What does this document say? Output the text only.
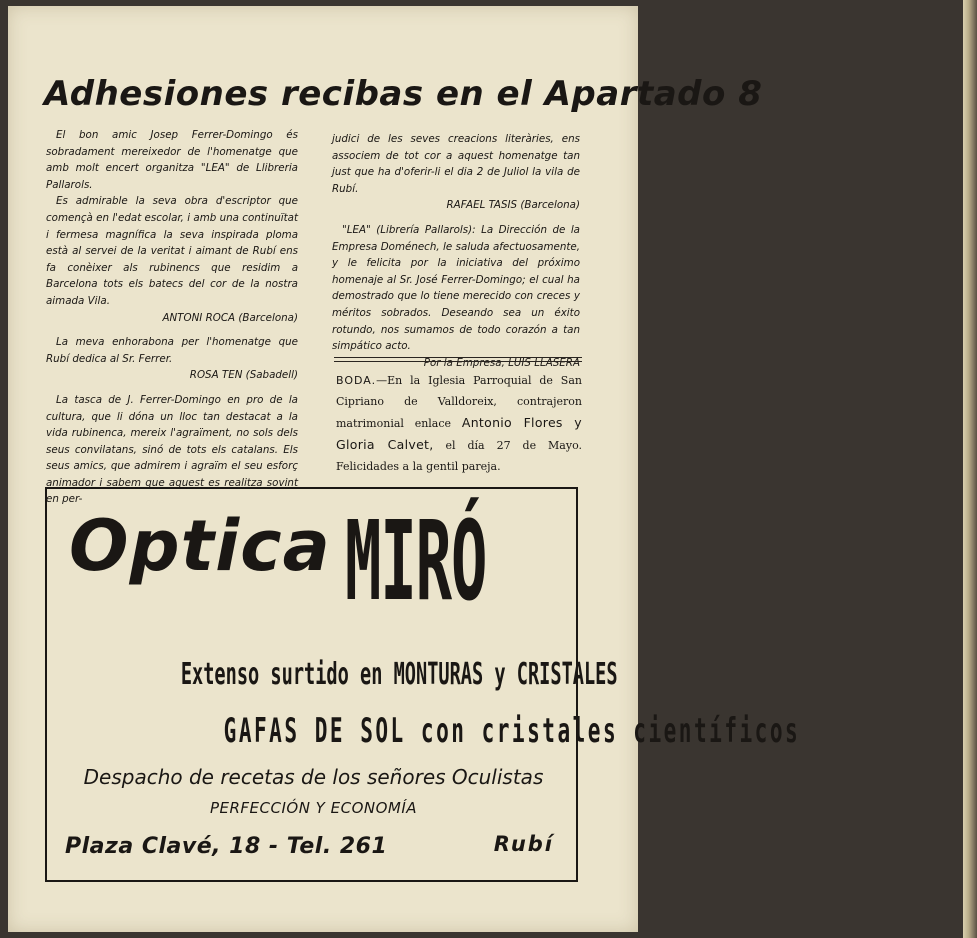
Adhesiones recibas en el Apartado 8

El bon amic Josep Ferrer-Domingo és sobradament mereixedor de l'homenatge que amb molt encert organitza "LEA" de Llibreria Pallarols.

Es admirable la seva obra d'escriptor que començà en l'edat escolar, i amb una continuïtat i fermesa magnífica la seva inspirada ploma està al servei de la veritat i aimant de Rubí ens fa conèixer als rubinencs que residim a Barcelona tots els batecs del cor de la nostra aimada Vila.

ANTONI ROCA (Barcelona)

La meva enhorabona per l'homenatge que Rubí dedica al Sr. Ferrer.

ROSA TEN (Sabadell)

La tasca de J. Ferrer-Domingo en pro de la cultura, que li dóna un lloc tan destacat a la vida rubinenca, mereix l'agraïment, no sols dels seus convilatans, sinó de tots els catalans. Els seus amics, que admirem i agraïm el seu esforç animador i sabem que aquest es realitza sovint en per-

judici de les seves creacions literàries, ens associem de tot cor a aquest homenatge tan just que ha d'oferir-li el dia 2 de Juliol la vila de Rubí.

RAFAEL TASIS (Barcelona)

"LEA" (Librería Pallarols): La Dirección de la Empresa Doménech, le saluda afectuosamente, y le felicita por la iniciativa del próximo homenaje al Sr. José Ferrer-Domingo; el cual ha demostrado que lo tiene merecido con creces y méritos sobrados. Deseando sea un éxito rotundo, nos sumamos de todo corazón a tan simpático acto.

Por la Empresa, LUIS LLASERA

BODA.—En la Iglesia Parroquial de San Cipriano de Valldoreix, contrajeron matrimonial enlace Antonio Flores y Gloria Calvet, el día 27 de Mayo. Felicidades a la gentil pareja.
Optica MIRÓ
Extenso surtido en MONTURAS y CRISTALES
GAFAS DE SOL con cristales científicos
Despacho de recetas de los señores Oculistas
PERFECCIÓN Y ECONOMÍA
Plaza Clavé, 18 - Tel. 261	Rubí
